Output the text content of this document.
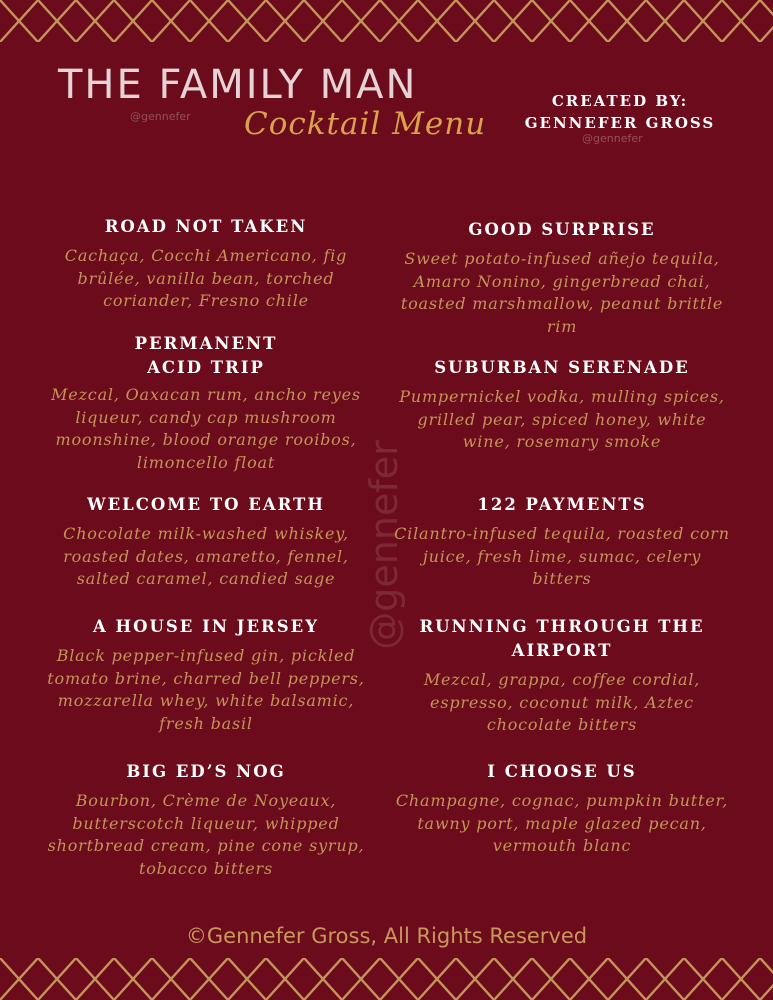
THE FAMILY MAN
@gennefer Cocktail Menu
CREATED BY:
GENNEFER GROSS
@gennefer
@gennefer
ROAD NOT TAKEN
Cachaça, Cocchi Americano, fig brûlée, vanilla bean, torched coriander, Fresno chile
PERMANENT ACID TRIP
Mezcal, Oaxacan rum, ancho reyes liqueur, candy cap mushroom moonshine, blood orange rooibos, limoncello float
WELCOME TO EARTH
Chocolate milk-washed whiskey, roasted dates, amaretto, fennel, salted caramel, candied sage
A HOUSE IN JERSEY
Black pepper-infused gin, pickled tomato brine, charred bell peppers, mozzarella whey, white balsamic, fresh basil
BIG ED’S NOG
Bourbon, Crème de Noyeaux, butterscotch liqueur, whipped shortbread cream, pine cone syrup, tobacco bitters
GOOD SURPRISE
Sweet potato-infused añejo tequila, Amaro Nonino, gingerbread chai, toasted marshmallow, peanut brittle rim
SUBURBAN SERENADE
Pumpernickel vodka, mulling spices, grilled pear, spiced honey, white wine, rosemary smoke
122 PAYMENTS
Cilantro-infused tequila, roasted corn juice, fresh lime, sumac, celery bitters
RUNNING THROUGH THE AIRPORT
Mezcal, grappa, coffee cordial, espresso, coconut milk, Aztec chocolate bitters
I CHOOSE US
Champagne, cognac, pumpkin butter, tawny port, maple glazed pecan, vermouth blanc
©Gennefer Gross, All Rights Reserved
